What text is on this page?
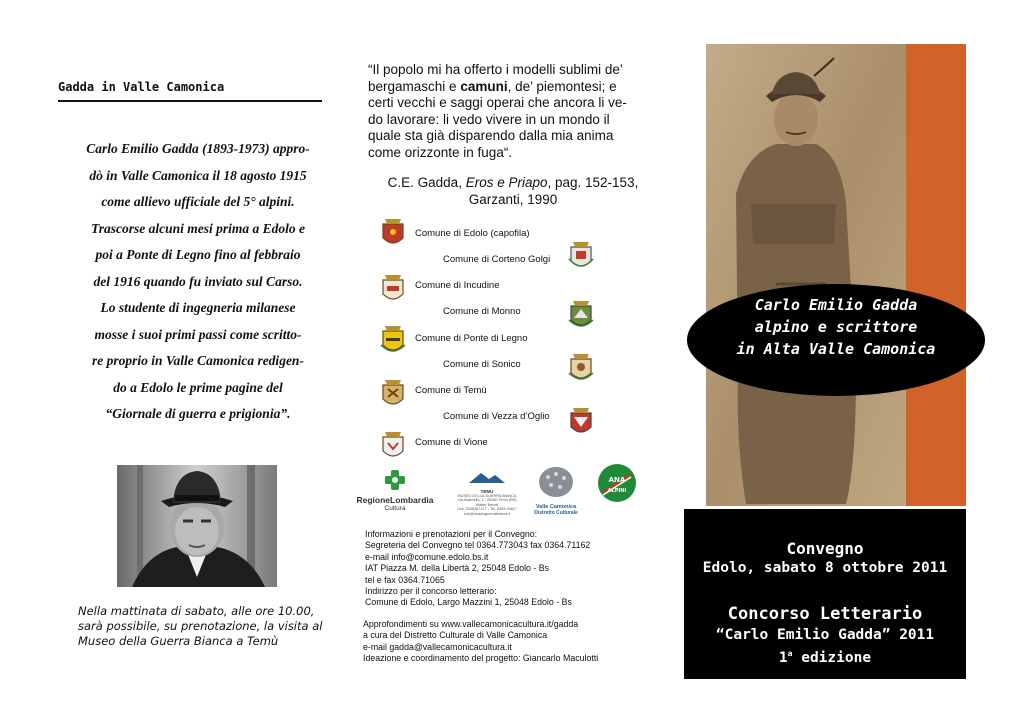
Gadda in Valle Camonica

Carlo Emilio Gadda (1893-1973) appro-

dò in Valle Camonica il 18 agosto 1915

come allievo ufficiale del 5° alpini.

Trascorse alcuni mesi prima a Edolo e

poi a Ponte di Legno fino al febbraio

del 1916 quando fu inviato sul Carso.

Lo studente di ingegneria milanese

mosse i suoi primi passi come scritto-

re proprio in Valle Camonica redigen-

do a Edolo le prime pagine del

“Giornale di guerra e prigionia”.

Nella mattinata di sabato, alle ore 10.00,
sarà possibile, su prenotazione, la visita al
Museo della Guerra Bianca a Temù
“Il popolo mi ha offerto i modelli sublimi de’
bergamaschi e camuni, de’ piemontesi; e
certi vecchi e saggi operai che ancora li ve-
do lavorare: li vedo vivere in un mondo il
quale sta già disparendo dalla mia anima
come orizzonte in fuga“.
C.E. Gadda, Eros e Priapo, pag. 152-153,
Garzanti, 1990
Comune di Edolo (capofila)
Comune di Corteno Golgi
Comune di Incudine
Comune di Monno
Comune di Ponte di Legno
Comune di Sonico
Comune di Temù
Comune di Vezza d’Oglio
Comune di Vione
RegioneLombardia
Cultura
TEMÙ
MUSEO DELLA GUERRA BIANCA
Via Adamello, 1 - 25050 Temù (BS)
Walter Belotti
Cell. 3346487127 - Tel. 0364.94617
info@museoguerrabianca.it
Valle Camonica
Distretto Culturale
ANA
ALPINI
Informazioni e prenotazioni per il Convegno:
Segreteria del Convegno tel 0364.773043 fax 0364.71162
e-mail info@comune.edolo.bs.it
IAT Piazza M. della Libertà 2, 25048 Edolo - Bs
tel e fax 0364.71065
Indirizzo per il concorso letterario:
Comune di Edolo, Largo Mazzini 1, 25048 Edolo - Bs
Approfondimenti su www.vallecamonicacultura.it/gadda
a cura del Distretto Culturale di Valle Camonica
e-mail gadda@vallecamonicacultura.it
Ideazione e coordinamento del progetto: Giancarlo Maculotti
Carlo Emilio Gadda
alpino e scrittore
in Alta Valle Camonica
Convegno
Edolo, sabato 8 ottobre 2011
Concorso Letterario
“Carlo Emilio Gadda” 2011
1$^a$ edizione
